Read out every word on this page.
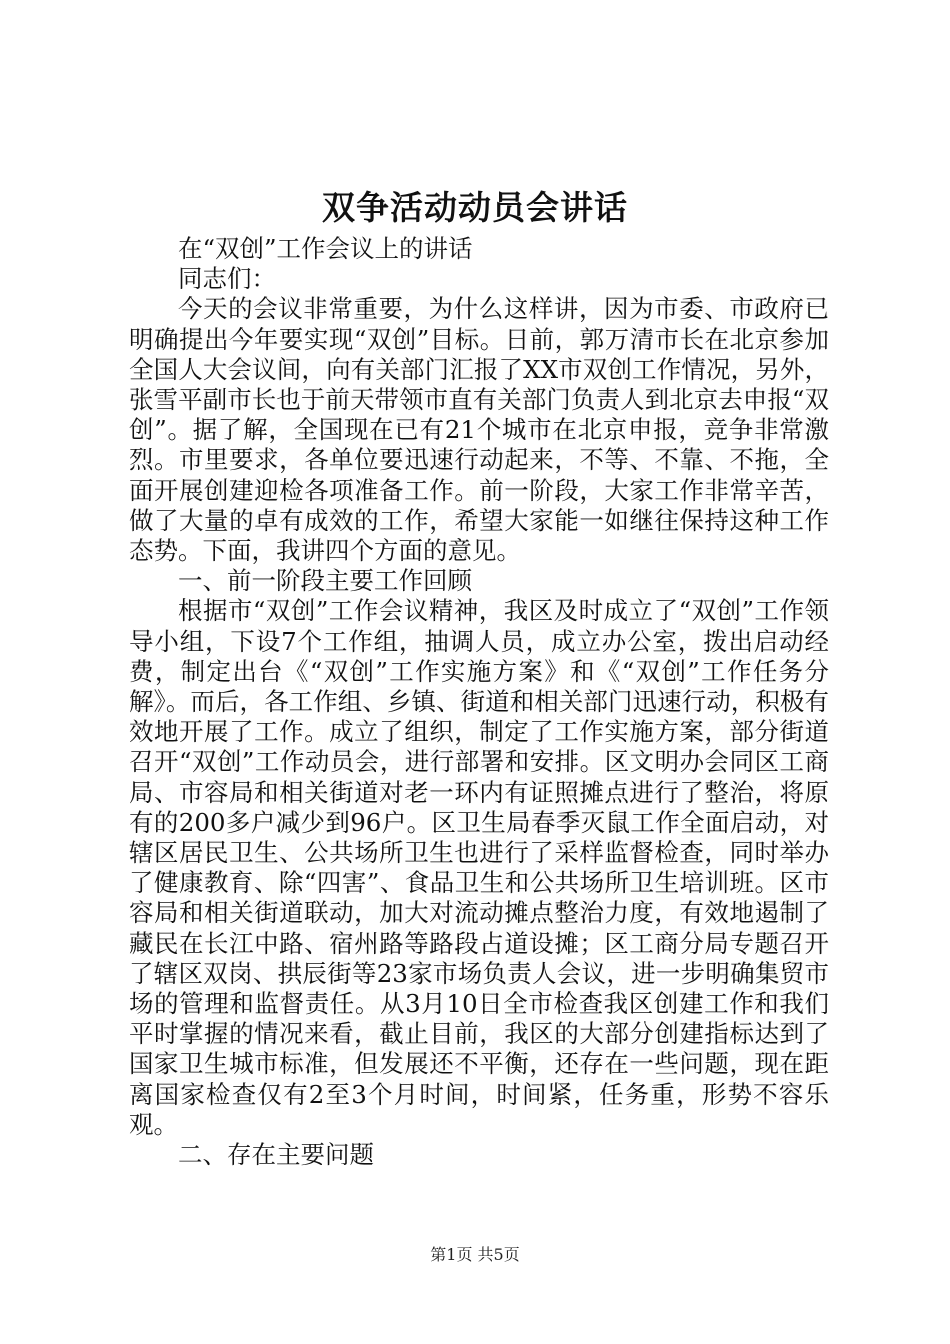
双争活动动员会讲话

在“双创”工作会议上的讲话

同志们：

今天的会议非常重要，为什么这样讲，因为市委、市政府已明确提出今年要实现“双创”目标。日前，郭万清市长在北京参加全国人大会议间，向有关部门汇报了XX市双创工作情况，另外，张雪平副市长也于前天带领市直有关部门负责人到北京去申报“双创”。据了解，全国现在已有21个城市在北京申报，竞争非常激烈。市里要求，各单位要迅速行动起来，不等、不靠、不拖，全面开展创建迎检各项准备工作。前一阶段，大家工作非常辛苦，做了大量的卓有成效的工作，希望大家能一如继往保持这种工作态势。下面，我讲四个方面的意见。

一、前一阶段主要工作回顾

根据市“双创”工作会议精神，我区及时成立了“双创”工作领导小组，下设7个工作组，抽调人员，成立办公室，拨出启动经费，制定出台《“双创”工作实施方案》和《“双创”工作任务分解》。而后，各工作组、乡镇、街道和相关部门迅速行动，积极有效地开展了工作。成立了组织，制定了工作实施方案，部分街道召开“双创”工作动员会，进行部署和安排。区文明办会同区工商局、市容局和相关街道对老一环内有证照摊点进行了整治，将原有的200多户减少到96户。区卫生局春季灭鼠工作全面启动，对辖区居民卫生、公共场所卫生也进行了采样监督检查，同时举办了健康教育、除“四害”、食品卫生和公共场所卫生培训班。区市容局和相关街道联动，加大对流动摊点整治力度，有效地遏制了藏民在长江中路、宿州路等路段占道设摊；区工商分局专题召开了辖区双岗、拱辰街等23家市场负责人会议，进一步明确集贸市场的管理和监督责任。从3月10日全市检查我区创建工作和我们平时掌握的情况来看，截止目前，我区的大部分创建指标达到了国家卫生城市标准，但发展还不平衡，还存在一些问题，现在距离国家检查仅有2至3个月时间，时间紧，任务重，形势不容乐观。

二、存在主要问题

第1页 共5页
